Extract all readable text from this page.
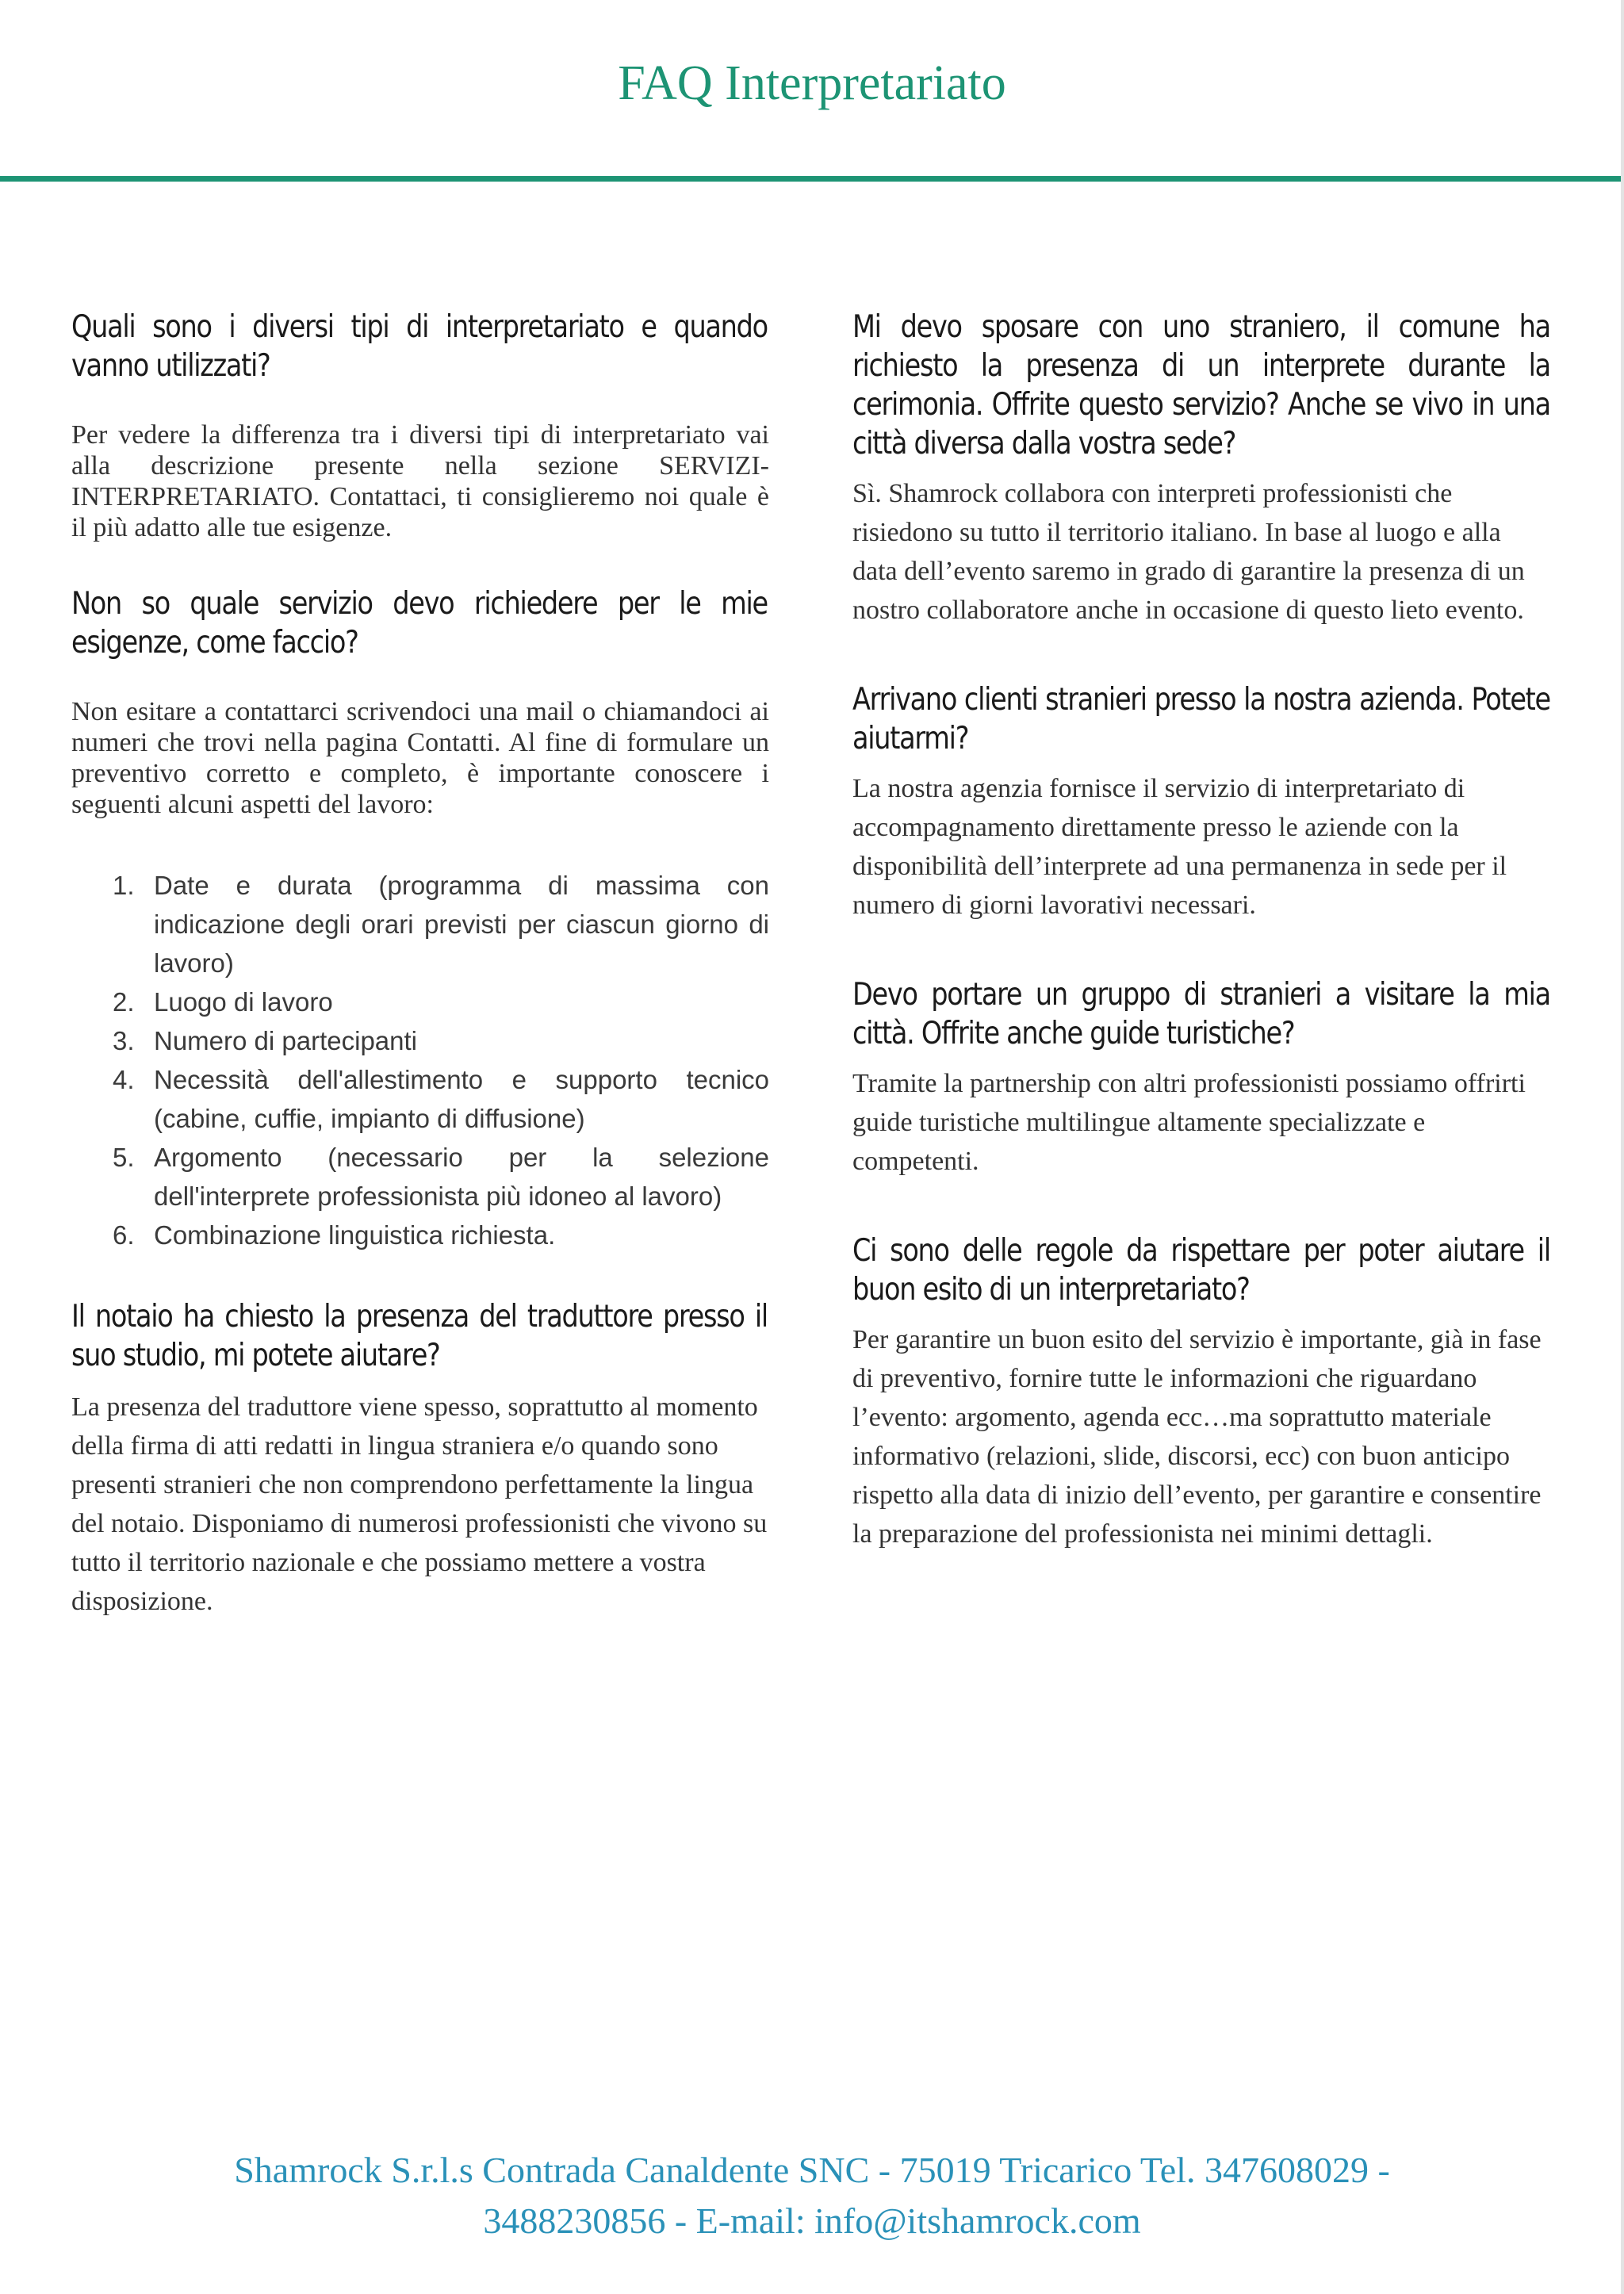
FAQ Interpretariato
Quali sono i diversi tipi di interpretariato e quando vanno utilizzati?

Per vedere la differenza tra i diversi tipi di interpretariato vai alla descrizione presente nella sezione SERVIZI- INTERPRETARIATO. Contattaci, ti consiglieremo noi quale è il più adatto alle tue esigenze.

Non so quale servizio devo richiedere per le mie esigenze, come faccio?

Non esitare a contattarci scrivendoci una mail o chiamandoci ai numeri che trovi nella pagina Contatti. Al fine di formulare un preventivo corretto e completo, è importante conoscere i seguenti alcuni aspetti del lavoro:

1. Date e durata (programma di massima con indicazione degli orari previsti per ciascun giorno di lavoro)
2. Luogo di lavoro
3. Numero di partecipanti
4. Necessità dell'allestimento e supporto tecnico (cabine, cuffie, impianto di diffusione)
5. Argomento (necessario per la selezione dell'interprete professionista più idoneo al lavoro)
6. Combinazione linguistica richiesta.
Il notaio ha chiesto la presenza del traduttore presso il suo studio, mi potete aiutare?

La presenza del traduttore viene spesso, soprattutto al momento della firma di atti redatti in lingua straniera e/o quando sono presenti stranieri che non comprendono perfettamente la lingua del notaio. Disponiamo di numerosi professionisti che vivono su tutto il territorio nazionale e che possiamo mettere a vostra disposizione.

Mi devo sposare con uno straniero, il comune ha richiesto la presenza di un interprete durante la cerimonia. Offrite questo servizio? Anche se vivo in una città diversa dalla vostra sede?

Sì. Shamrock collabora con interpreti professionisti che risiedono su tutto il territorio italiano. In base al luogo e alla data dell’evento saremo in grado di garantire la presenza di un nostro collaboratore anche in occasione di questo lieto evento.

Arrivano clienti stranieri presso la nostra azienda. Potete aiutarmi?

La nostra agenzia fornisce il servizio di interpretariato di accompagnamento direttamente presso le aziende con la disponibilità dell’interprete ad una permanenza in sede per il numero di giorni lavorativi necessari.

Devo portare un gruppo di stranieri a visitare la mia città. Offrite anche guide turistiche?

Tramite la partnership con altri professionisti possiamo offrirti guide turistiche multilingue altamente specializzate e competenti.

Ci sono delle regole da rispettare per poter aiutare il buon esito di un interpretariato?

Per garantire un buon esito del servizio è importante, già in fase di preventivo, fornire tutte le informazioni che riguardano l’evento: argomento, agenda ecc…ma soprattutto materiale informativo (relazioni, slide, discorsi, ecc) con buon anticipo rispetto alla data di inizio dell’evento, per garantire e consentire la preparazione del professionista nei minimi dettagli.

Shamrock S.r.l.s Contrada Canaldente SNC - 75019 Tricarico Tel. 347608029 -
3488230856 - E-mail: info@itshamrock.com
